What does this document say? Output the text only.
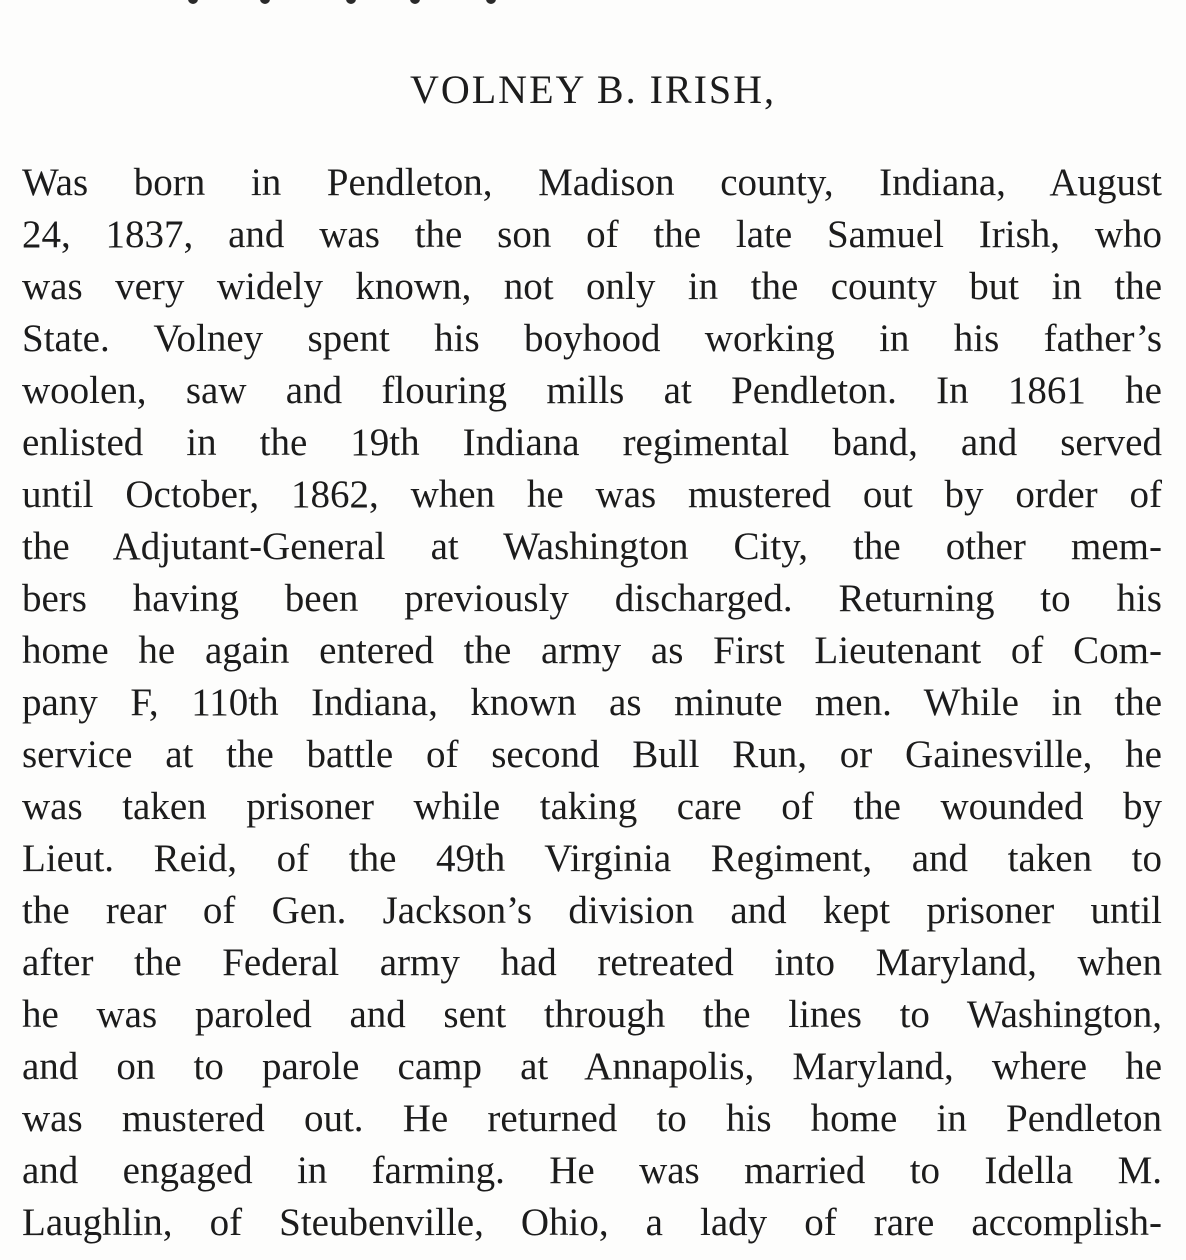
VOLNEY B. IRISH,
Was born in Pendleton, Madison county, Indiana, August
24, 1837, and was the son of the late Samuel Irish, who
was very widely known, not only in the county but in the
State. Volney spent his boyhood working in his father’s
woolen, saw and flouring mills at Pendleton. In 1861 he
enlisted in the 19th Indiana regimental band, and served
until October, 1862, when he was mustered out by order of
the Adjutant-General at Washington City, the other mem-
bers having been previously discharged. Returning to his
home he again entered the army as First Lieutenant of Com-
pany F, 110th Indiana, known as minute men. While in the
service at the battle of second Bull Run, or Gainesville, he
was taken prisoner while taking care of the wounded by
Lieut. Reid, of the 49th Virginia Regiment, and taken to
the rear of Gen. Jackson’s division and kept prisoner until
after the Federal army had retreated into Maryland, when
he was paroled and sent through the lines to Washington,
and on to parole camp at Annapolis, Maryland, where he
was mustered out. He returned to his home in Pendleton
and engaged in farming. He was married to Idella M.
Laughlin, of Steubenville, Ohio, a lady of rare accomplish-
